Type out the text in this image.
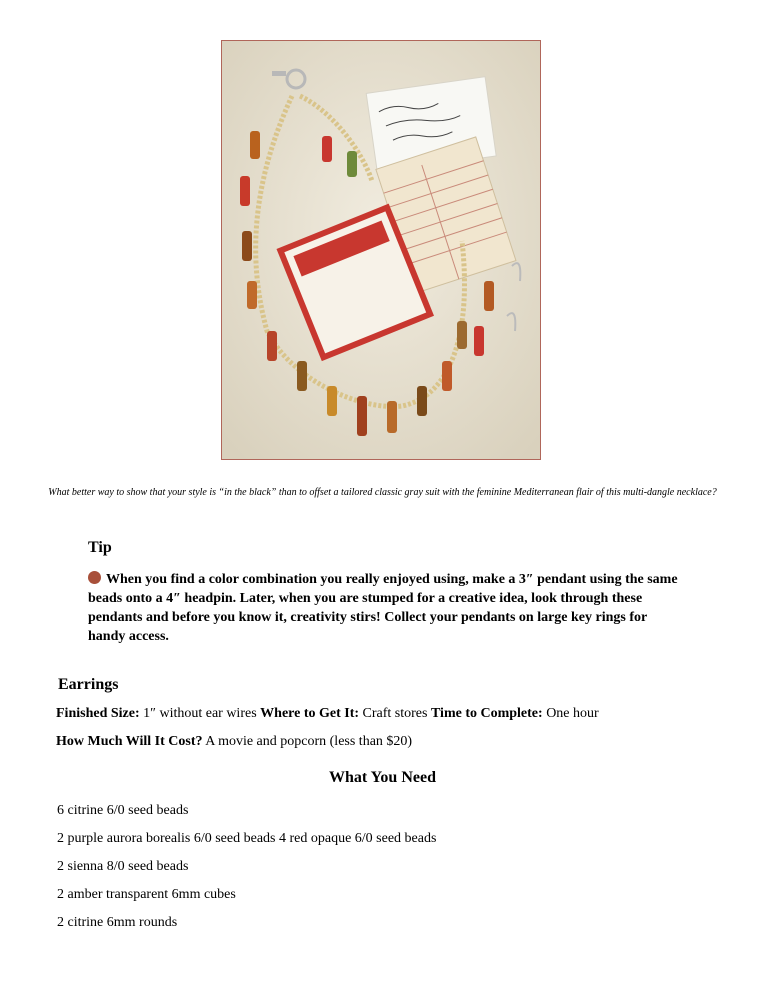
What better way to show that your style is “in the black” than to offset a tailored classic gray suit with the feminine Mediterranean flair of this multi-dangle necklace?
Tip
When you find a color combination you really enjoyed using, make a 3″ pendant using the same beads onto a 4″ headpin. Later, when you are stumped for a creative idea, look through these pendants and before you know it, creativity stirs! Collect your pendants on large key rings for handy access.
Earrings
Finished Size: 1″ without ear wires Where to Get It: Craft stores Time to Complete: One hour
How Much Will It Cost? A movie and popcorn (less than $20)
What You Need
6 citrine 6/0 seed beads
2 purple aurora borealis 6/0 seed beads 4 red opaque 6/0 seed beads
2 sienna 8/0 seed beads
2 amber transparent 6mm cubes
2 citrine 6mm rounds
